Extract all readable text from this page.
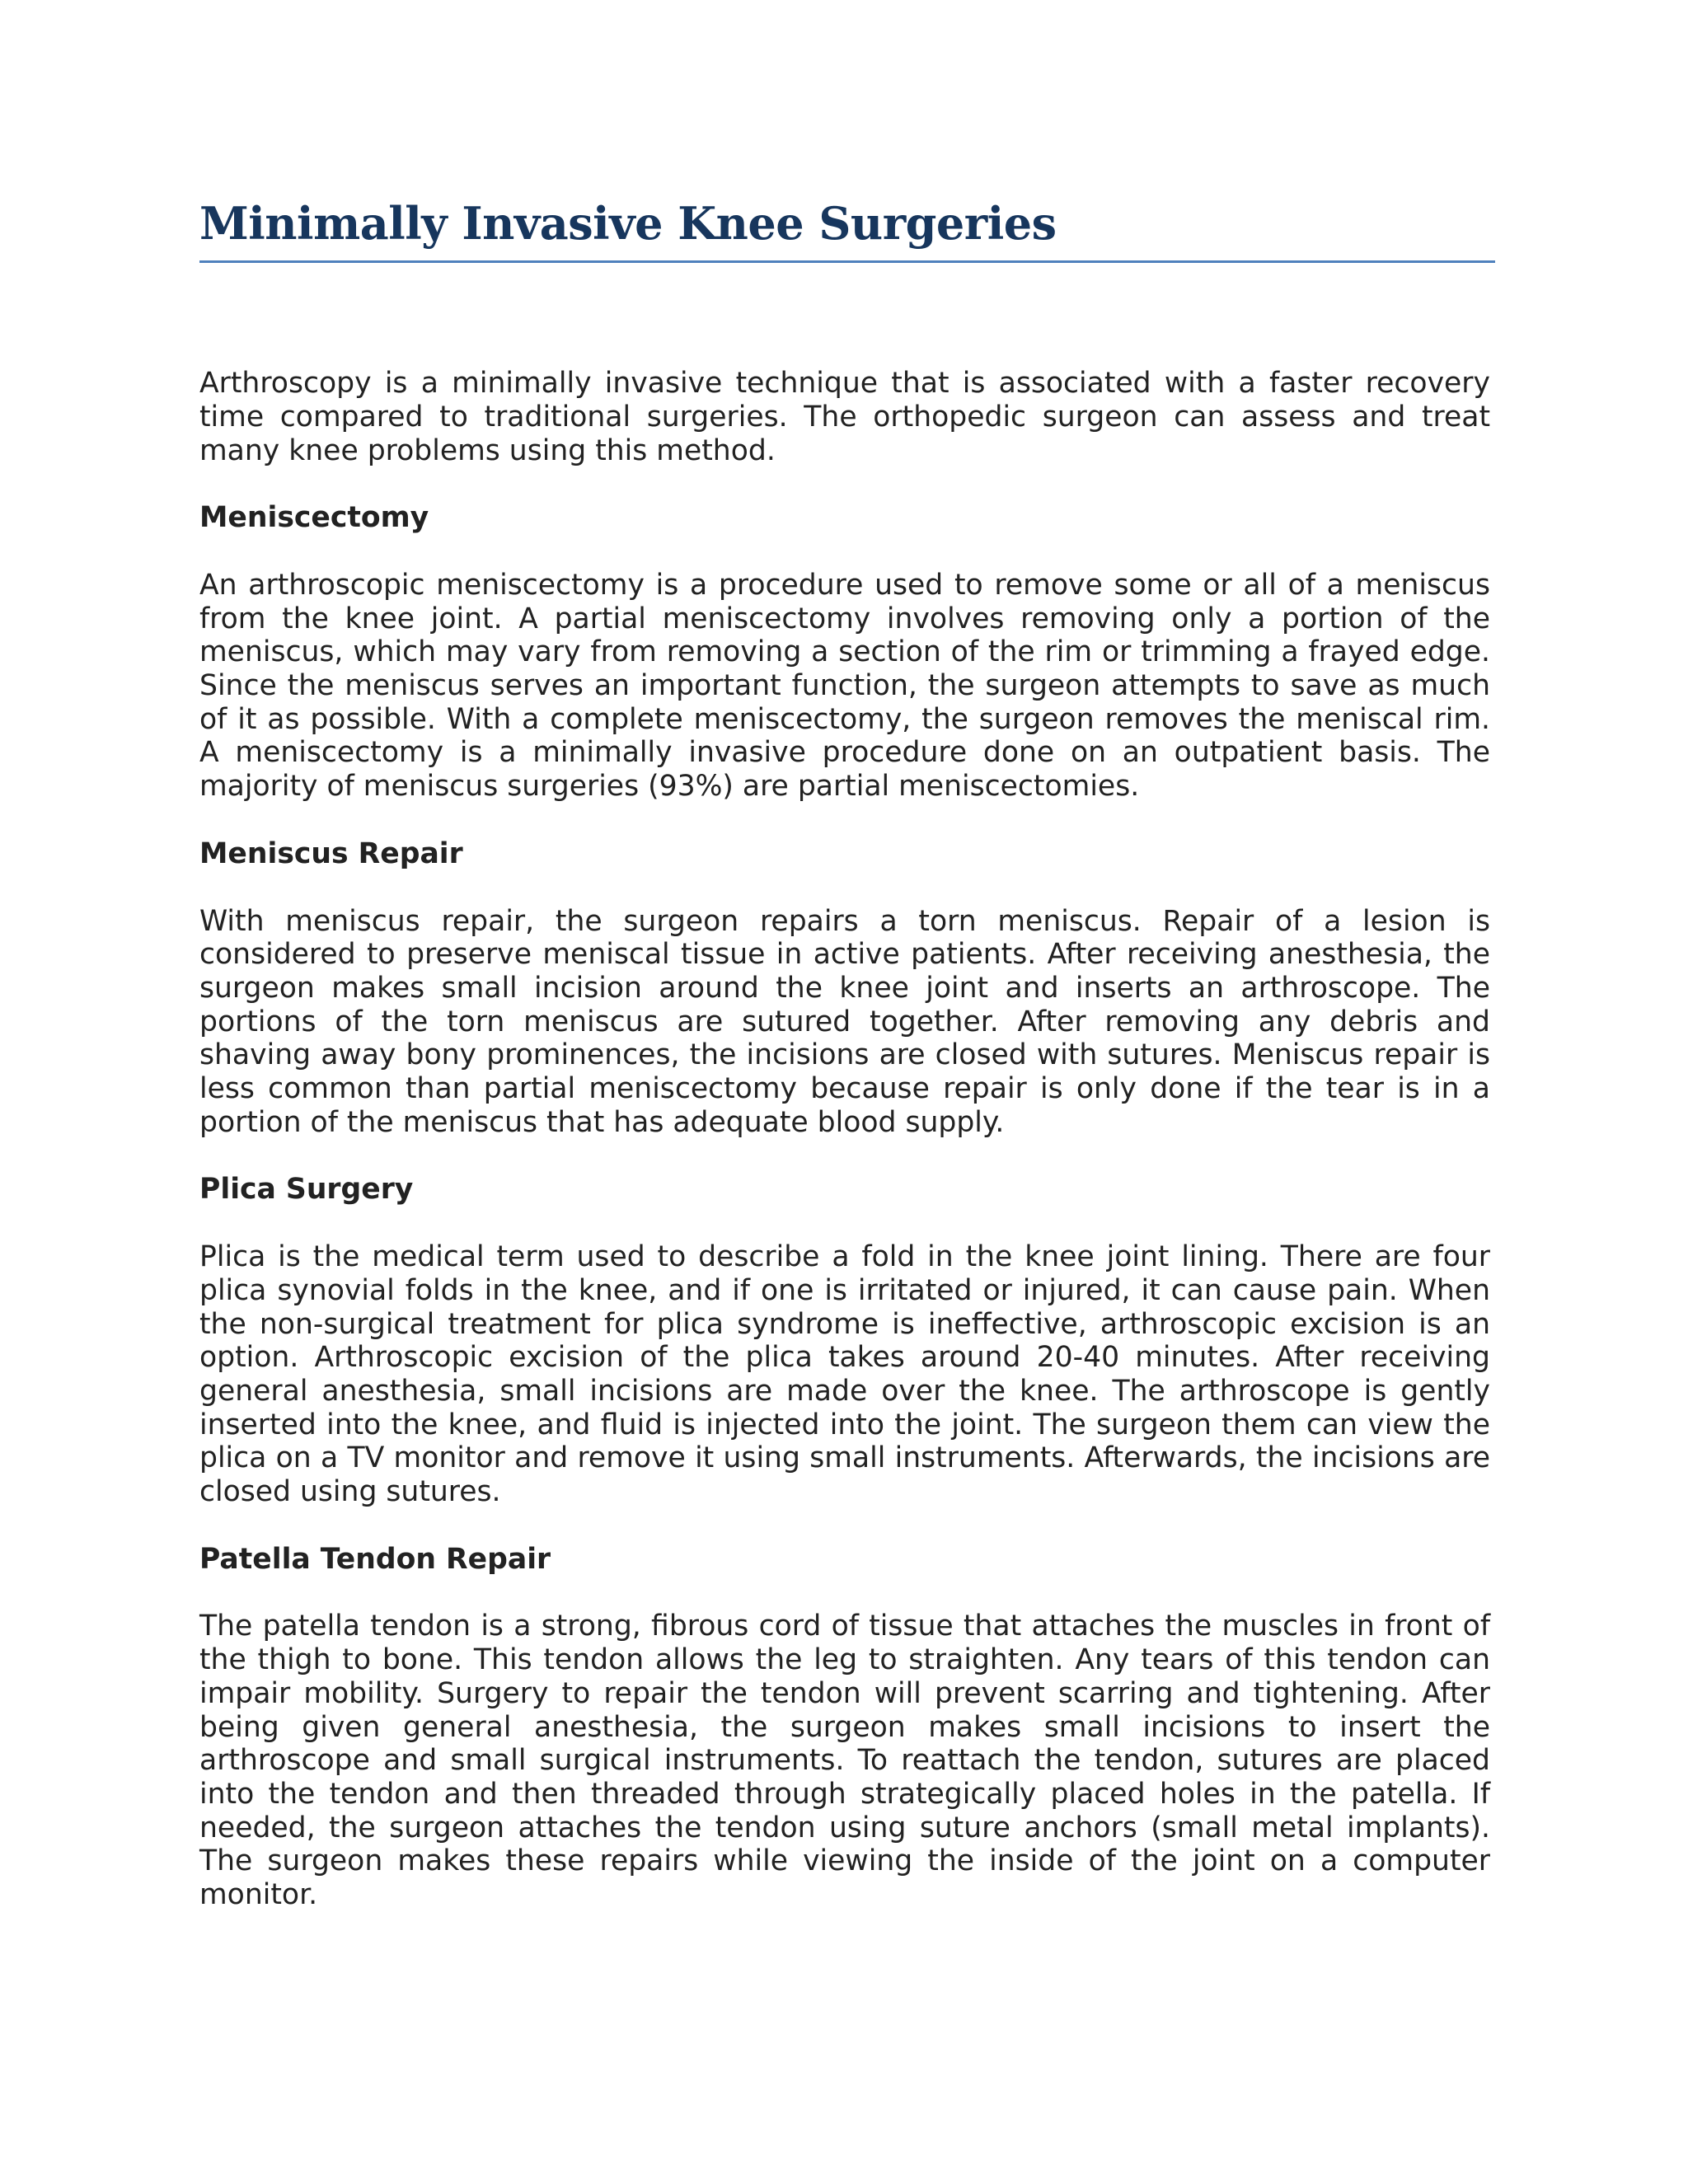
Minimally Invasive Knee Surgeries

Arthroscopy is a minimally invasive technique that is associated with a faster recovery time compared to traditional surgeries. The orthopedic surgeon can assess and treat many knee problems using this method.

Meniscectomy

An arthroscopic meniscectomy is a procedure used to remove some or all of a meniscus from the knee joint. A partial meniscectomy involves removing only a portion of the meniscus, which may vary from removing a section of the rim or trimming a frayed edge. Since the meniscus serves an important function, the surgeon attempts to save as much of it as possible. With a complete meniscectomy, the surgeon removes the meniscal rim. A meniscectomy is a minimally invasive procedure done on an outpatient basis. The majority of meniscus surgeries (93%) are partial meniscectomies.

Meniscus Repair

With meniscus repair, the surgeon repairs a torn meniscus. Repair of a lesion is considered to preserve meniscal tissue in active patients. After receiving anesthesia, the surgeon makes small incision around the knee joint and inserts an arthroscope. The portions of the torn meniscus are sutured together. After removing any debris and shaving away bony prominences, the incisions are closed with sutures. Meniscus repair is less common than partial meniscectomy because repair is only done if the tear is in a portion of the meniscus that has adequate blood supply.

Plica Surgery

Plica is the medical term used to describe a fold in the knee joint lining. There are four plica synovial folds in the knee, and if one is irritated or injured, it can cause pain. When the non-surgical treatment for plica syndrome is ineffective, arthroscopic excision is an option. Arthroscopic excision of the plica takes around 20-40 minutes. After receiving general anesthesia, small incisions are made over the knee. The arthroscope is gently inserted into the knee, and fluid is injected into the joint. The surgeon them can view the plica on a TV monitor and remove it using small instruments. Afterwards, the incisions are closed using sutures.

Patella Tendon Repair

The patella tendon is a strong, fibrous cord of tissue that attaches the muscles in front of the thigh to bone. This tendon allows the leg to straighten. Any tears of this tendon can impair mobility. Surgery to repair the tendon will prevent scarring and tightening. After being given general anesthesia, the surgeon makes small incisions to insert the arthroscope and small surgical instruments. To reattach the tendon, sutures are placed into the tendon and then threaded through strategically placed holes in the patella. If needed, the surgeon attaches the tendon using suture anchors (small metal implants). The surgeon makes these repairs while viewing the inside of the joint on a computer monitor.
